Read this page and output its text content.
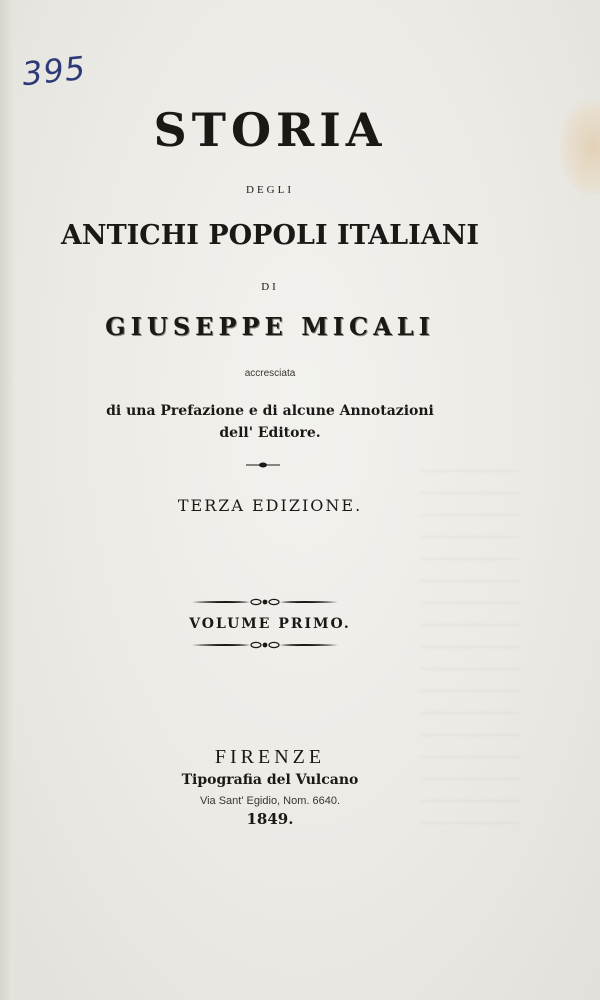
395

STORIA

DEGLI

ANTICHI POPOLI ITALIANI

DI

GIUSEPPE MICALI

accresciata

di una Prefazione e di alcune Annotazioni

dell' Editore.

TERZA EDIZIONE.

VOLUME PRIMO.

FIRENZE

Tipografia del Vulcano

Via Sant' Egidio, Nom. 6640.

1849.
